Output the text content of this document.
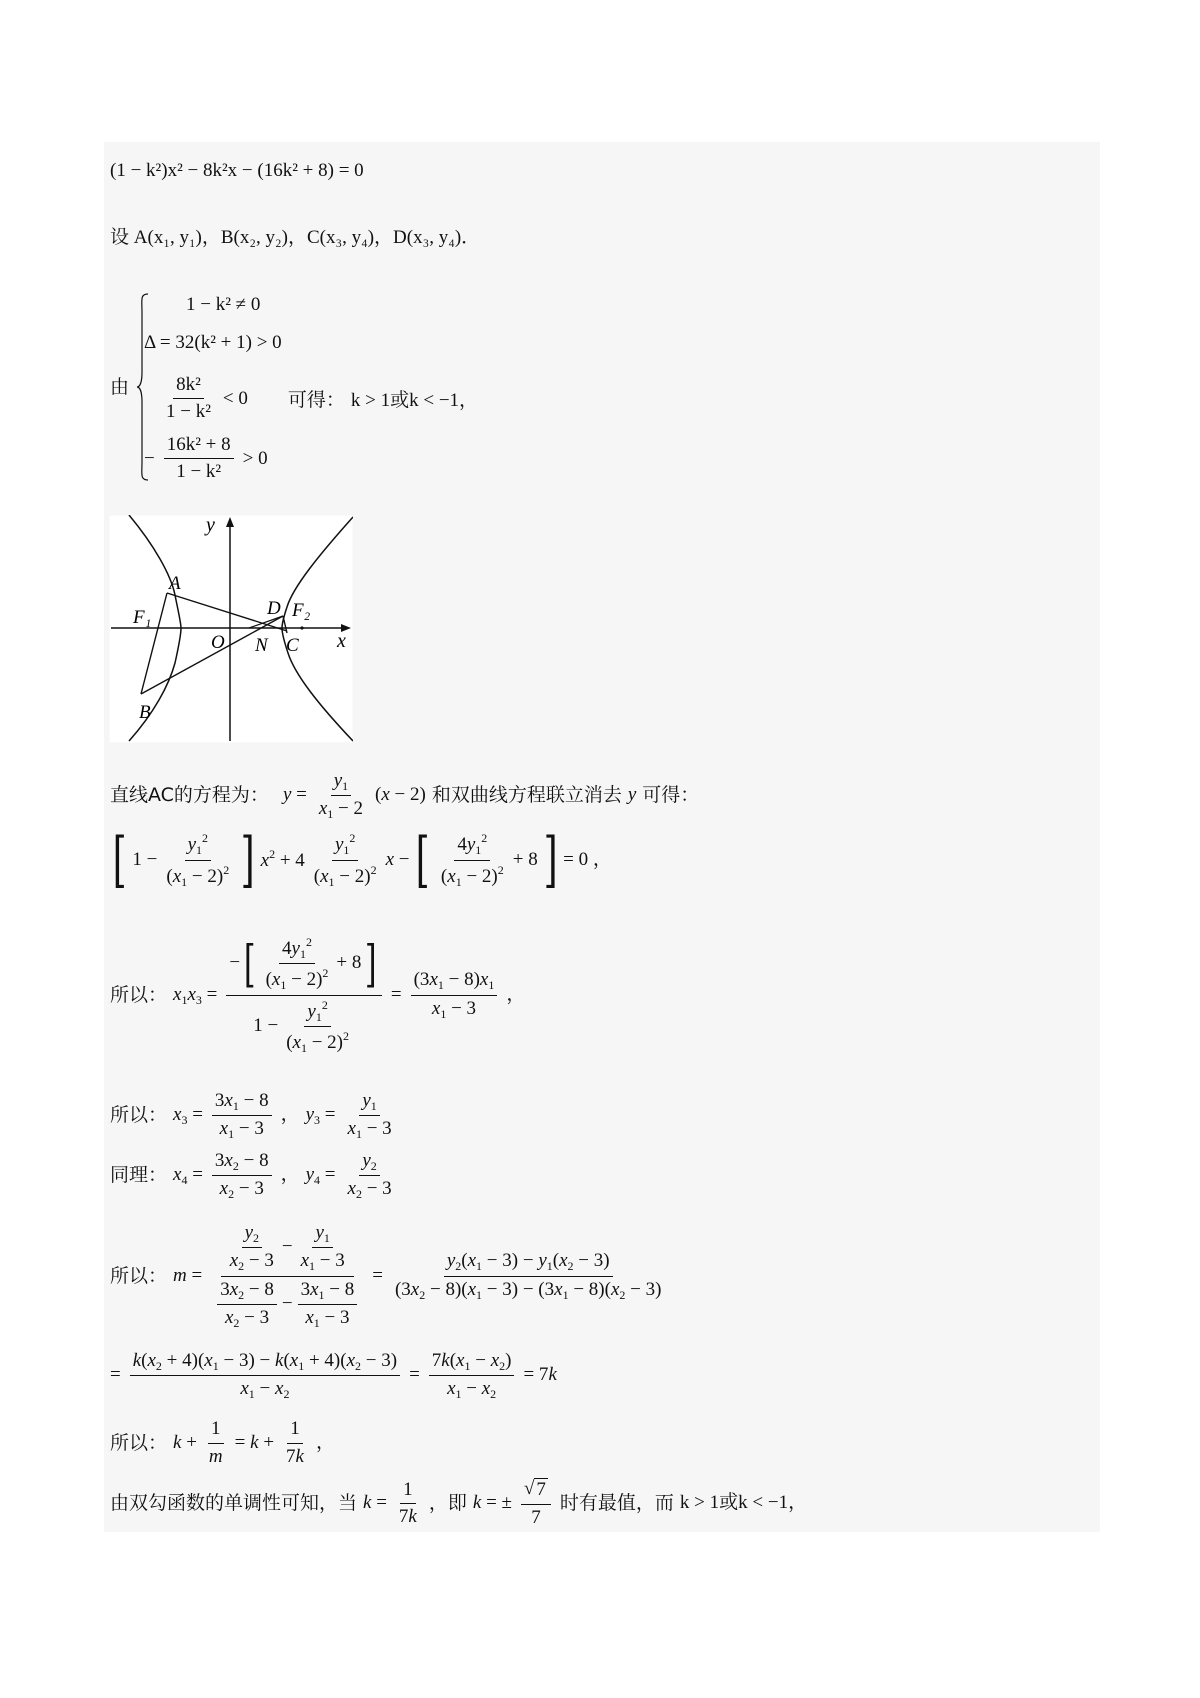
(1 − k²)x² − 8k²x − (16k² + 8) = 0
设 A(x₁, y₁)，B(x₂, y₂)，C(x₃, y₄)，D(x₃, y₄)．
由
1 − k² ≠ 0
Δ = 32(k² + 1) > 0
$\frac{\text{8k²}}{\text{1 − k²}} < 0$ 可得： k > 1或k < −1，
− $\frac{\text{16k² + 8}}{\text{1 − k²}} > 0$
y
x
A
B
F₁	D F₂
O N C
直线AC的方程为： $y = \frac{y_1}{x_1 - 2} (x - 2)$ 和双曲线方程联立消去 y 可得：
[ $1 - \frac{y_1^2}{(x_1 - 2)^2}$ ] $x^2 + 4 \frac{y_1^2}{(x_1 - 2)^2}$ x − [ $\frac{4y_1^2}{(x_1 - 2)^2} + 8$ ] = 0 ，
所以： $x_1x_3 = \frac{- [ \frac{4y_1^2}{(x_1 - 2)^2} + 8 ]}{1 - \frac{y_1^2}{(x_1 - 2)^2}} = \frac{(3x_1 - 8)x_1}{x_1 - 3}$ ，
所以： $x_3 = \frac{3x_1 - 8}{x_1 - 3}$ ， $y_3 = \frac{y_1}{x_1 - 3}$
同理： $x_4 = \frac{3x_2 - 8}{x_2 - 3}$ ， $y_4 = \frac{y_2}{x_2 - 3}$
所以： $m = \frac{\frac{y_2}{x_2 - 3} - \frac{y_1}{x_1 - 3}}{\frac{3x_2 - 8}{x_2 - 3} - \frac{3x_1 - 8}{x_1 - 3}} = \frac{y_2(x_1 - 3) - y_1(x_2 - 3)}{(3x_2 - 8)(x_1 - 3) - (3x_1 - 8)(x_2 - 3)}$
= $\frac{k(x_2 + 4)(x_1 - 3) - k(x_1 + 4)(x_2 - 3)}{x_1 - x_2} = \frac{7k(x_1 - x_2)}{x_1 - x_2} = 7k$
所以： $k + \frac{1}{m} = k + \frac{1}{7k}$ ，
由双勾函数的单调性可知，当 $k = \frac{1}{7k}$ ，即 k = ± $\frac{√ 7}{7}$ 时有最值，而 k > 1或k < −1，
